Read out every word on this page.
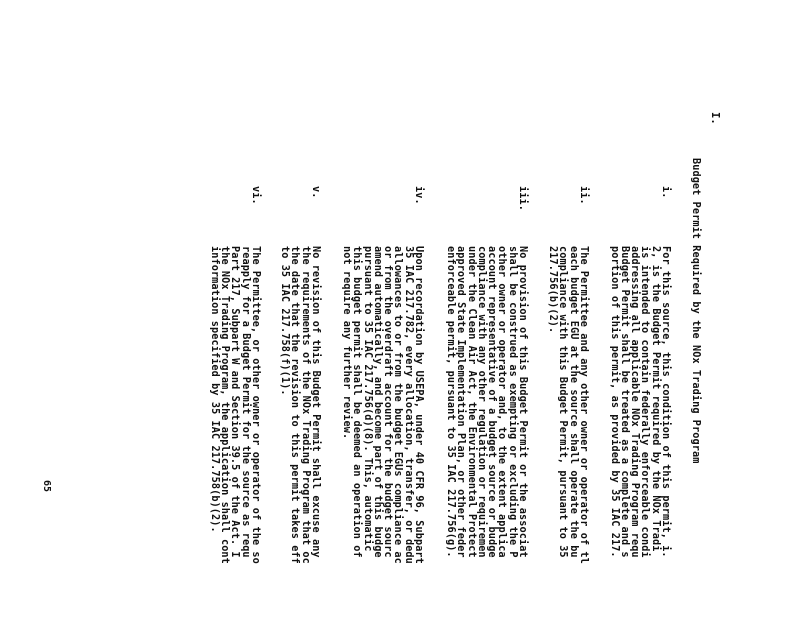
I.
Budget Permit Required by the NOx Trading Program
i.
For this source, this condition of this permit, i.
2, is the Budget Permit required by the NOx Tradi
is intended to contain federally enforceable condi
addressing all applicable NOx Trading Program requ
Budget Permit shall be treated as a complete and s
portion of this permit, as provided by 35 IAC 217.
ii.
The Permittee and any other owner or operator of tl
each budget EGU at the source shall operate the bu
compliance with this Budget Permit, pursuant to 35
217.756(b)(2).
iii.
No provision of this Budget Permit or the associat
shall be construed as exempting or excluding the P
other owner or operator and, to the extent applica
account representative of a budget source or budge
compliance with any other regulation or requiremen
under the Clean Air Act, the Environmental Protect
approved State Implementation Plan, or other feder
enforceable permit, pursuant to 35 IAC 217.756(g).
iv.
Upon recordation by USEPA, under 40 CFR 96, Subpart
35 IAC 217.782, every allocation, transfer, or dedu
allowances to or from the budget EGUs compliance ac
or from the overdraft account for the budget sourc
amend automatically, and become part of this budge
pursuant to 35 IAC 217.756(d)(8). This, automatic
this budget permit shall be deemed an operation of
not require any further review.
v.
No revision of this Budget Permit shall excuse any
the requirements of the NOx Trading Program that oc
the date that the revision to this permit takes eff
to 35 IAC 217.758(f)(1).
vi.
The Permittee, or other owner or operator of the so
reapply for a Budget Permit for the source as requ
Part 217, Subpart W and Section 39.5 of the Act. I
the NOx Trading Program, the application shall cont
information specified by 35 IAC 217.758(b)(2).
65
